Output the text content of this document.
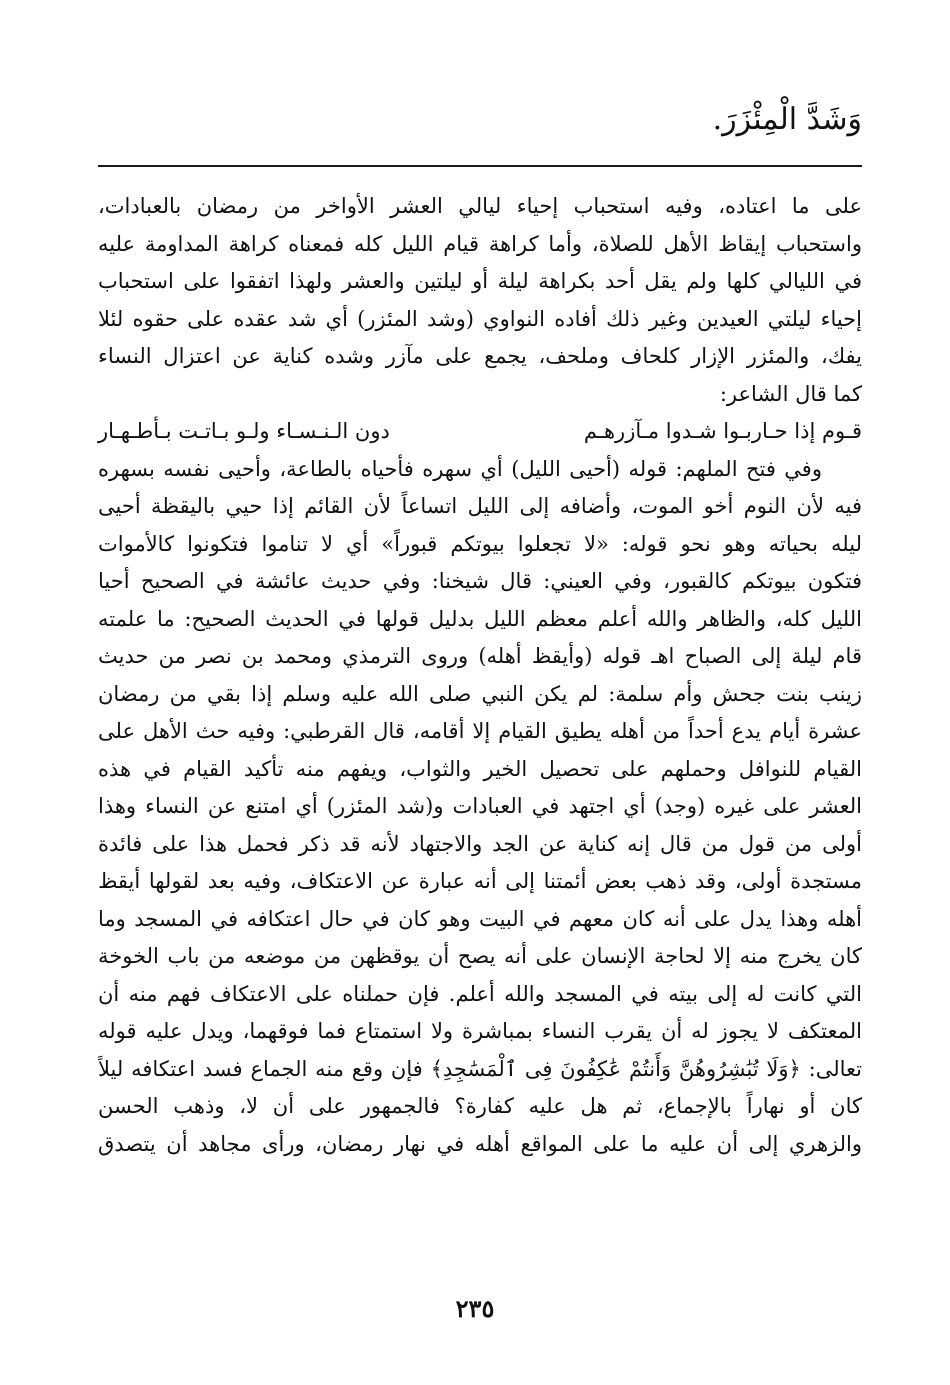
وَشَدَّ الْمِئْزَرَ.
على ما اعتاده، وفيه استحباب إحياء ليالي العشر الأواخر من رمضان بالعبادات،
واستحباب إيقاظ الأهل للصلاة، وأما كراهة قيام الليل كله فمعناه كراهة المداومة عليه
في الليالي كلها ولم يقل أحد بكراهة ليلة أو ليلتين والعشر ولهذا اتفقوا على استحباب
إحياء ليلتي العيدين وغير ذلك أفاده النواوي (وشد المئزر) أي شد عقده على حقوه لئلا
يفك، والمئزر الإزار كلحاف وملحف، يجمع على مآزر وشده كناية عن اعتزال النساء
كما قال الشاعر:
قـوم إذا حـاربـوا شـدوا مـآزرهـم
دون الـنـسـاء ولـو بـاتـت بـأطـهـار
وفي فتح الملهم: قوله (أحيى الليل) أي سهره فأحياه بالطاعة، وأحيى نفسه بسهره
فيه لأن النوم أخو الموت، وأضافه إلى الليل اتساعاً لأن القائم إذا حيي باليقظة أحيى
ليله بحياته وهو نحو قوله: «لا تجعلوا بيوتكم قبوراً» أي لا تناموا فتكونوا كالأموات
فتكون بيوتكم كالقبور، وفي العيني: قال شيخنا: وفي حديث عائشة في الصحيح أحيا
الليل كله، والظاهر والله أعلم معظم الليل بدليل قولها في الحديث الصحيح: ما علمته
قام ليلة إلى الصباح اهـ قوله (وأيقظ أهله) وروى الترمذي ومحمد بن نصر من حديث
زينب بنت جحش وأم سلمة: لم يكن النبي صلى الله عليه وسلم إذا بقي من رمضان
عشرة أيام يدع أحداً من أهله يطيق القيام إلا أقامه، قال القرطبي: وفيه حث الأهل على
القيام للنوافل وحملهم على تحصيل الخير والثواب، ويفهم منه تأكيد القيام في هذه
العشر على غيره (وجد) أي اجتهد في العبادات و(شد المئزر) أي امتنع عن النساء وهذا
أولى من قول من قال إنه كناية عن الجد والاجتهاد لأنه قد ذكر فحمل هذا على فائدة
مستجدة أولى، وقد ذهب بعض أئمتنا إلى أنه عبارة عن الاعتكاف، وفيه بعد لقولها أيقظ
أهله وهذا يدل على أنه كان معهم في البيت وهو كان في حال اعتكافه في المسجد وما
كان يخرج منه إلا لحاجة الإنسان على أنه يصح أن يوقظهن من موضعه من باب الخوخة
التي كانت له إلى بيته في المسجد والله أعلم. فإن حملناه على الاعتكاف فهم منه أن
المعتكف لا يجوز له أن يقرب النساء بمباشرة ولا استمتاع فما فوقهما، ويدل عليه قوله
تعالى: ﴿وَلَا تُبَٰشِرُوهُنَّ وَأَنتُمْ عَٰكِفُونَ فِى ٱلْمَسَٰجِدِ﴾ فإن وقع منه الجماع فسد اعتكافه ليلاً
كان أو نهاراً بالإجماع، ثم هل عليه كفارة؟ فالجمهور على أن لا، وذهب الحسن
والزهري إلى أن عليه ما على المواقع أهله في نهار رمضان، ورأى مجاهد أن يتصدق
٢٣٥
